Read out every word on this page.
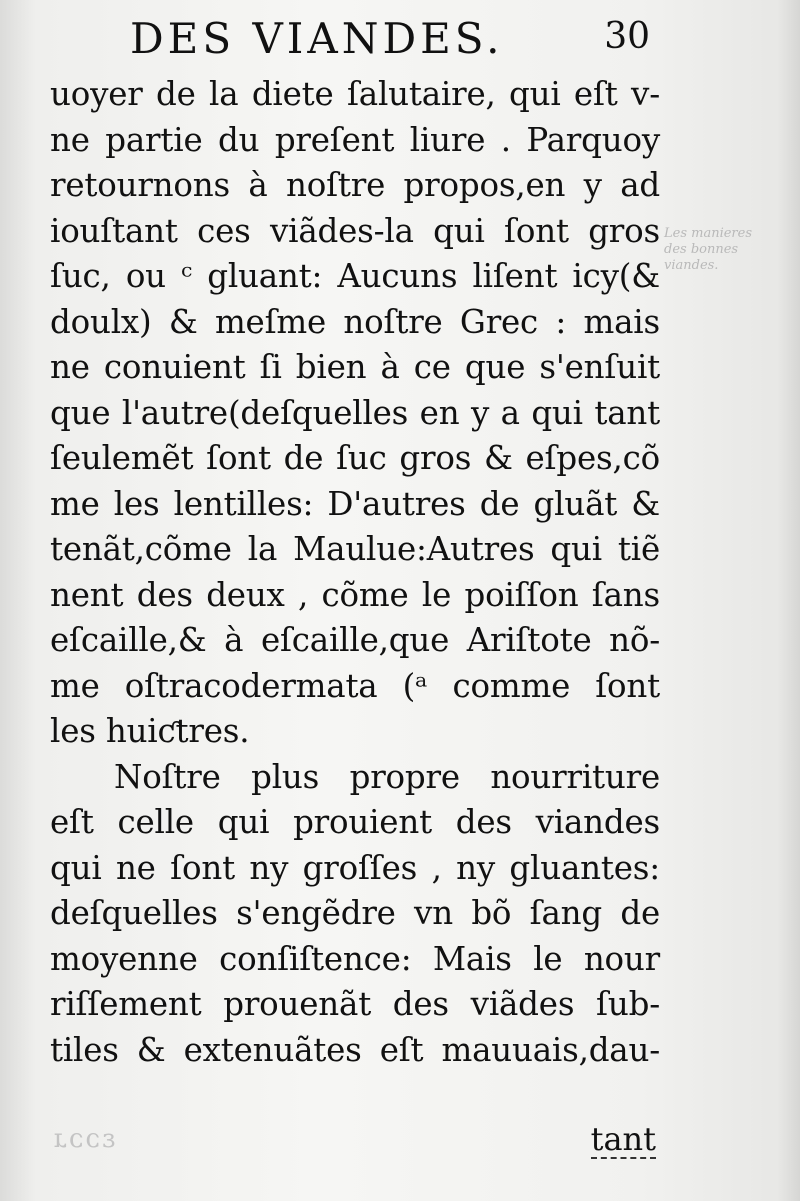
DES VIANDES.	30
Les manieres
des bonnes
viandes.
uoyer de la diete ſalutaire, qui eſt v-
ne partie du preſent liure . Parquoy
retournons à noſtre propos,en y ad
iouſtant ces viãdes-la qui ſont gros
ſuc, ou ᶜ gluant: Aucuns liſent icy(&
doulx) & meſme noſtre Grec : mais
ne conuient ſi bien à ce que s'enſuit
que l'autre(deſquelles en y a qui tant
ſeulemẽt ſont de ſuc gros & eſpes,cõ
me les lentilles: D'autres de gluãt &
tenãt,cõme la Maulue:Autres qui tiẽ
nent des deux , cõme le poiſſon ſans
eſcaille,& à eſcaille,que Ariſtote nõ-
me oſtracodermata (ᵃ comme ſont
les huiƈtres.
Noſtre plus propre nourriture
eſt celle qui prouient des viandes
qui ne ſont ny groſſes , ny gluantes:
deſquelles s'engẽdre vn bõ ſang de
moyenne conſiſtence: Mais le nour
riſſement prouenãt des viãdes ſub-
tiles & extenuãtes eſt mauuais,dau-
ɛɔɔɹ	tant
